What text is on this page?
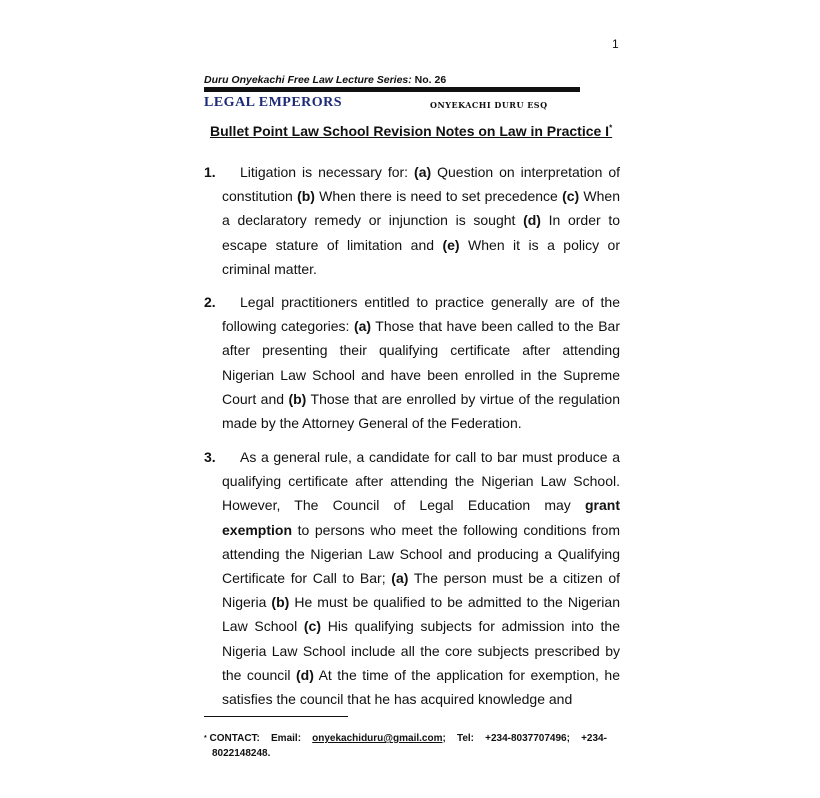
1
Duru Onyekachi Free Law Lecture Series: No. 26
LEGAL EMPERORS	ONYEKACHI DURU ESQ
Bullet Point Law School Revision Notes on Law in Practice I*
1.	Litigation is necessary for: (a) Question on interpretation of constitution (b) When there is need to set precedence (c) When a declaratory remedy or injunction is sought (d) In order to escape stature of limitation and (e) When it is a policy or criminal matter.
2.	Legal practitioners entitled to practice generally are of the following categories: (a) Those that have been called to the Bar after presenting their qualifying certificate after attending Nigerian Law School and have been enrolled in the Supreme Court and (b) Those that are enrolled by virtue of the regulation made by the Attorney General of the Federation.
3.	As a general rule, a candidate for call to bar must produce a qualifying certificate after attending the Nigerian Law School. However, The Council of Legal Education may grant exemption to persons who meet the following conditions from attending the Nigerian Law School and producing a Qualifying Certificate for Call to Bar; (a) The person must be a citizen of Nigeria (b) He must be qualified to be admitted to the Nigerian Law School (c) His qualifying subjects for admission into the Nigeria Law School include all the core subjects prescribed by the council (d) At the time of the application for exemption, he satisfies the council that he has acquired knowledge and
* CONTACT: Email: onyekachiduru@gmail.com;    Tel: +234-8037707496; +234-
8022148248.
